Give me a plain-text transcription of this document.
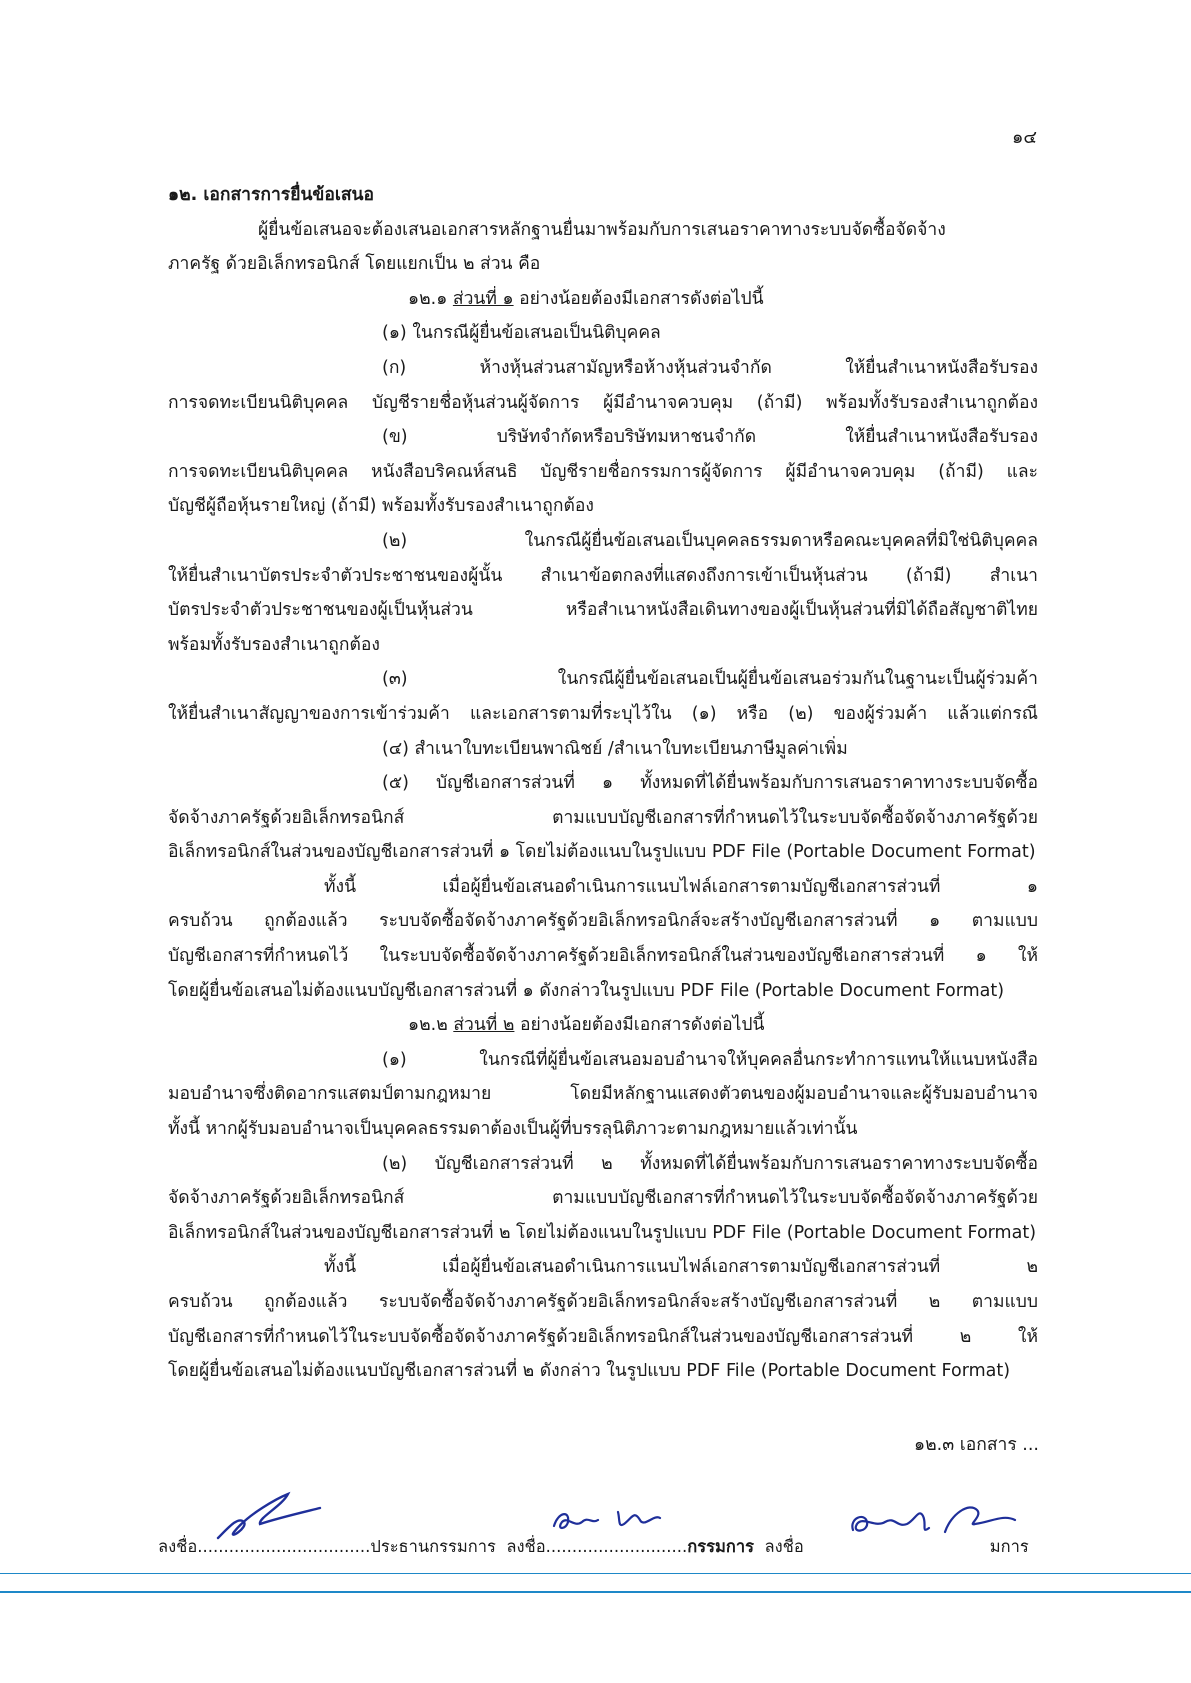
๑๔

๑๒. เอกสารการยื่นข้อเสนอ

ผู้ยื่นข้อเสนอจะต้องเสนอเอกสารหลักฐานยื่นมาพร้อมกับการเสนอราคาทางระบบจัดซื้อจัดจ้าง

ภาครัฐ ด้วยอิเล็กทรอนิกส์ โดยแยกเป็น ๒ ส่วน คือ

๑๒.๑ ส่วนที่ ๑ อย่างน้อยต้องมีเอกสารดังต่อไปนี้

(๑) ในกรณีผู้ยื่นข้อเสนอเป็นนิติบุคคล

(ก) ห้างหุ้นส่วนสามัญหรือห้างหุ้นส่วนจำกัด ให้ยื่นสำเนาหนังสือรับรอง

การจดทะเบียนนิติบุคคล บัญชีรายชื่อหุ้นส่วนผู้จัดการ ผู้มีอำนาจควบคุม (ถ้ามี) พร้อมทั้งรับรองสำเนาถูกต้อง

(ข) บริษัทจำกัดหรือบริษัทมหาชนจำกัด ให้ยื่นสำเนาหนังสือรับรอง

การจดทะเบียนนิติบุคคล หนังสือบริคณห์สนธิ บัญชีรายชื่อกรรมการผู้จัดการ ผู้มีอำนาจควบคุม (ถ้ามี) และ

บัญชีผู้ถือหุ้นรายใหญ่ (ถ้ามี) พร้อมทั้งรับรองสำเนาถูกต้อง

(๒) ในกรณีผู้ยื่นข้อเสนอเป็นบุคคลธรรมดาหรือคณะบุคคลที่มิใช่นิติบุคคล

ให้ยื่นสำเนาบัตรประจำตัวประชาชนของผู้นั้น สำเนาข้อตกลงที่แสดงถึงการเข้าเป็นหุ้นส่วน (ถ้ามี) สำเนา

บัตรประจำตัวประชาชนของผู้เป็นหุ้นส่วน หรือสำเนาหนังสือเดินทางของผู้เป็นหุ้นส่วนที่มิได้ถือสัญชาติไทย

พร้อมทั้งรับรองสำเนาถูกต้อง

(๓) ในกรณีผู้ยื่นข้อเสนอเป็นผู้ยื่นข้อเสนอร่วมกันในฐานะเป็นผู้ร่วมค้า

ให้ยื่นสำเนาสัญญาของการเข้าร่วมค้า และเอกสารตามที่ระบุไว้ใน (๑) หรือ (๒) ของผู้ร่วมค้า แล้วแต่กรณี

(๔) สำเนาใบทะเบียนพาณิชย์ /สำเนาใบทะเบียนภาษีมูลค่าเพิ่ม

(๕) บัญชีเอกสารส่วนที่ ๑ ทั้งหมดที่ได้ยื่นพร้อมกับการเสนอราคาทางระบบจัดซื้อ

จัดจ้างภาครัฐด้วยอิเล็กทรอนิกส์ ตามแบบบัญชีเอกสารที่กำหนดไว้ในระบบจัดซื้อจัดจ้างภาครัฐด้วย

อิเล็กทรอนิกส์ในส่วนของบัญชีเอกสารส่วนที่ ๑ โดยไม่ต้องแนบในรูปแบบ PDF File (Portable Document Format)

ทั้งนี้ เมื่อผู้ยื่นข้อเสนอดำเนินการแนบไฟล์เอกสารตามบัญชีเอกสารส่วนที่ ๑

ครบถ้วน ถูกต้องแล้ว ระบบจัดซื้อจัดจ้างภาครัฐด้วยอิเล็กทรอนิกส์จะสร้างบัญชีเอกสารส่วนที่ ๑ ตามแบบ

บัญชีเอกสารที่กำหนดไว้ ในระบบจัดซื้อจัดจ้างภาครัฐด้วยอิเล็กทรอนิกส์ในส่วนของบัญชีเอกสารส่วนที่ ๑ ให้

โดยผู้ยื่นข้อเสนอไม่ต้องแนบบัญชีเอกสารส่วนที่ ๑ ดังกล่าวในรูปแบบ PDF File (Portable Document Format)

๑๒.๒ ส่วนที่ ๒ อย่างน้อยต้องมีเอกสารดังต่อไปนี้

(๑) ในกรณีที่ผู้ยื่นข้อเสนอมอบอำนาจให้บุคคลอื่นกระทำการแทนให้แนบหนังสือ

มอบอำนาจซึ่งติดอากรแสตมป์ตามกฎหมาย โดยมีหลักฐานแสดงตัวตนของผู้มอบอำนาจและผู้รับมอบอำนาจ

ทั้งนี้ หากผู้รับมอบอำนาจเป็นบุคคลธรรมดาต้องเป็นผู้ที่บรรลุนิติภาวะตามกฎหมายแล้วเท่านั้น

(๒) บัญชีเอกสารส่วนที่ ๒ ทั้งหมดที่ได้ยื่นพร้อมกับการเสนอราคาทางระบบจัดซื้อ

จัดจ้างภาครัฐด้วยอิเล็กทรอนิกส์ ตามแบบบัญชีเอกสารที่กำหนดไว้ในระบบจัดซื้อจัดจ้างภาครัฐด้วย

อิเล็กทรอนิกส์ในส่วนของบัญชีเอกสารส่วนที่ ๒ โดยไม่ต้องแนบในรูปแบบ PDF File (Portable Document Format)

ทั้งนี้ เมื่อผู้ยื่นข้อเสนอดำเนินการแนบไฟล์เอกสารตามบัญชีเอกสารส่วนที่ ๒

ครบถ้วน ถูกต้องแล้ว ระบบจัดซื้อจัดจ้างภาครัฐด้วยอิเล็กทรอนิกส์จะสร้างบัญชีเอกสารส่วนที่ ๒ ตามแบบ

บัญชีเอกสารที่กำหนดไว้ในระบบจัดซื้อจัดจ้างภาครัฐด้วยอิเล็กทรอนิกส์ในส่วนของบัญชีเอกสารส่วนที่ ๒ ให้

โดยผู้ยื่นข้อเสนอไม่ต้องแนบบัญชีเอกสารส่วนที่ ๒ ดังกล่าว ในรูปแบบ PDF File (Portable Document Format)

๑๒.๓ เอกสาร ...
ลงชื่อ.................................ประธานกรรมการ ลงชื่อ...........................กรรมการ ลงชื่อ	มการ
